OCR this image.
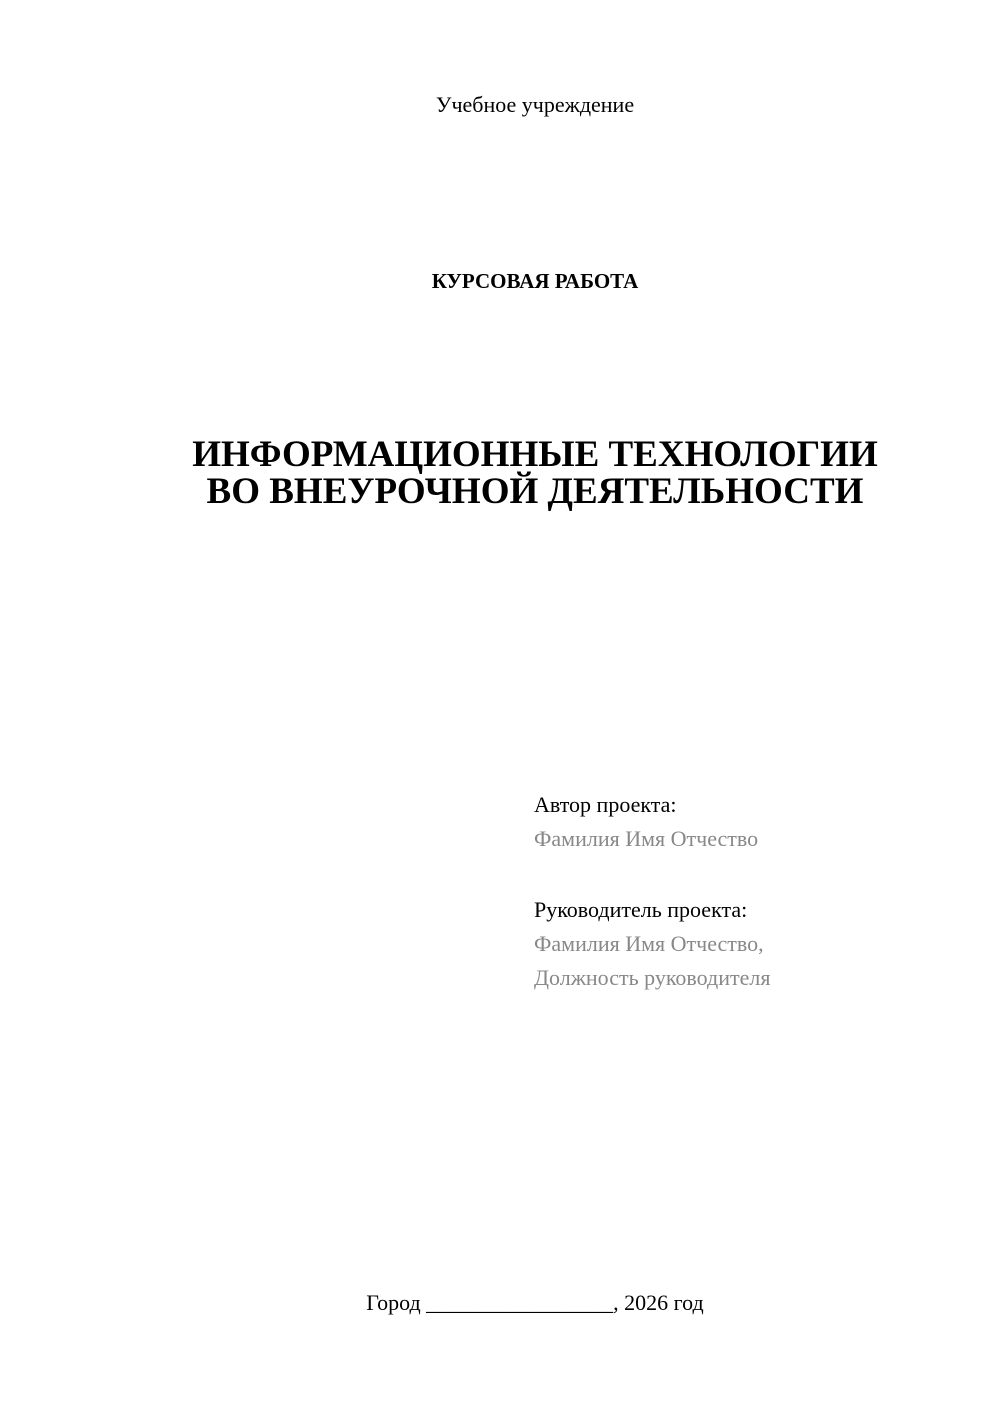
Учебное учреждение
КУРСОВАЯ РАБОТА
ИНФОРМАЦИОННЫЕ ТЕХНОЛОГИИ
ВО ВНЕУРОЧНОЙ ДЕЯТЕЛЬНОСТИ
Автор проекта:
Фамилия Имя Отчество
Руководитель проекта:
Фамилия Имя Отчество,
Должность руководителя
Город _________________, 2026 год
